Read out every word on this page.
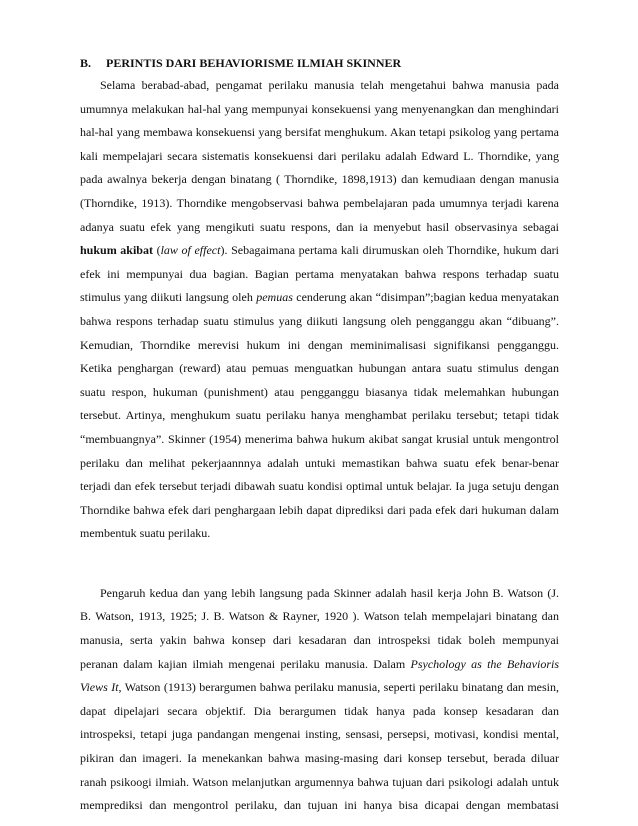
B. PERINTIS DARI BEHAVIORISME ILMIAH SKINNER
Selama berabad-abad, pengamat perilaku manusia telah mengetahui bahwa manusia pada
umumnya melakukan hal-hal yang mempunyai konsekuensi yang menyenangkan dan menghindari
hal-hal yang membawa konsekuensi yang bersifat menghukum. Akan tetapi psikolog yang pertama
kali mempelajari secara sistematis konsekuensi dari perilaku adalah Edward L. Thorndike, yang
pada awalnya bekerja dengan binatang ( Thorndike, 1898,1913) dan kemudiaan dengan manusia
(Thorndike, 1913). Thorndike mengobservasi bahwa pembelajaran pada umumnya terjadi karena
adanya suatu efek yang mengikuti suatu respons, dan ia menyebut hasil observasinya sebagai
hukum akibat (law of effect). Sebagaimana pertama kali dirumuskan oleh Thorndike, hukum dari
efek ini mempunyai dua bagian. Bagian pertama menyatakan bahwa respons terhadap suatu
stimulus yang diikuti langsung oleh pemuas cenderung akan “disimpan”;bagian kedua menyatakan
bahwa respons terhadap suatu stimulus yang diikuti langsung oleh pengganggu akan “dibuang”.
Kemudian, Thorndike merevisi hukum ini dengan meminimalisasi signifikansi pengganggu.
Ketika penghargan (reward) atau pemuas menguatkan hubungan antara suatu stimulus dengan
suatu respon, hukuman (punishment) atau pengganggu biasanya tidak melemahkan hubungan
tersebut. Artinya, menghukum suatu perilaku hanya menghambat perilaku tersebut; tetapi tidak
“membuangnya”. Skinner (1954) menerima bahwa hukum akibat sangat krusial untuk mengontrol
perilaku dan melihat pekerjaannnya adalah untuki memastikan bahwa suatu efek benar-benar
terjadi dan efek tersebut terjadi dibawah suatu kondisi optimal untuk belajar. Ia juga setuju dengan
Thorndike bahwa efek dari penghargaan lebih dapat diprediksi dari pada efek dari hukuman dalam
membentuk suatu perilaku.
Pengaruh kedua dan yang lebih langsung pada Skinner adalah hasil kerja John B. Watson (J.
B. Watson, 1913, 1925; J. B. Watson & Rayner, 1920 ). Watson telah mempelajari binatang dan
manusia, serta yakin bahwa konsep dari kesadaran dan introspeksi tidak boleh mempunyai
peranan dalam kajian ilmiah mengenai perilaku manusia. Dalam Psychology as the Behavioris
Views It, Watson (1913) berargumen bahwa perilaku manusia, seperti perilaku binatang dan mesin,
dapat dipelajari secara objektif. Dia berargumen tidak hanya pada konsep kesadaran dan
introspeksi, tetapi juga pandangan mengenai insting, sensasi, persepsi, motivasi, kondisi mental,
pikiran dan imageri. Ia menekankan bahwa masing-masing dari konsep tersebut, berada diluar
ranah psikoogi ilmiah. Watson melanjutkan argumennya bahwa tujuan dari psikologi adalah untuk
memprediksi dan mengontrol perilaku, dan tujuan ini hanya bisa dicapai dengan membatasi
